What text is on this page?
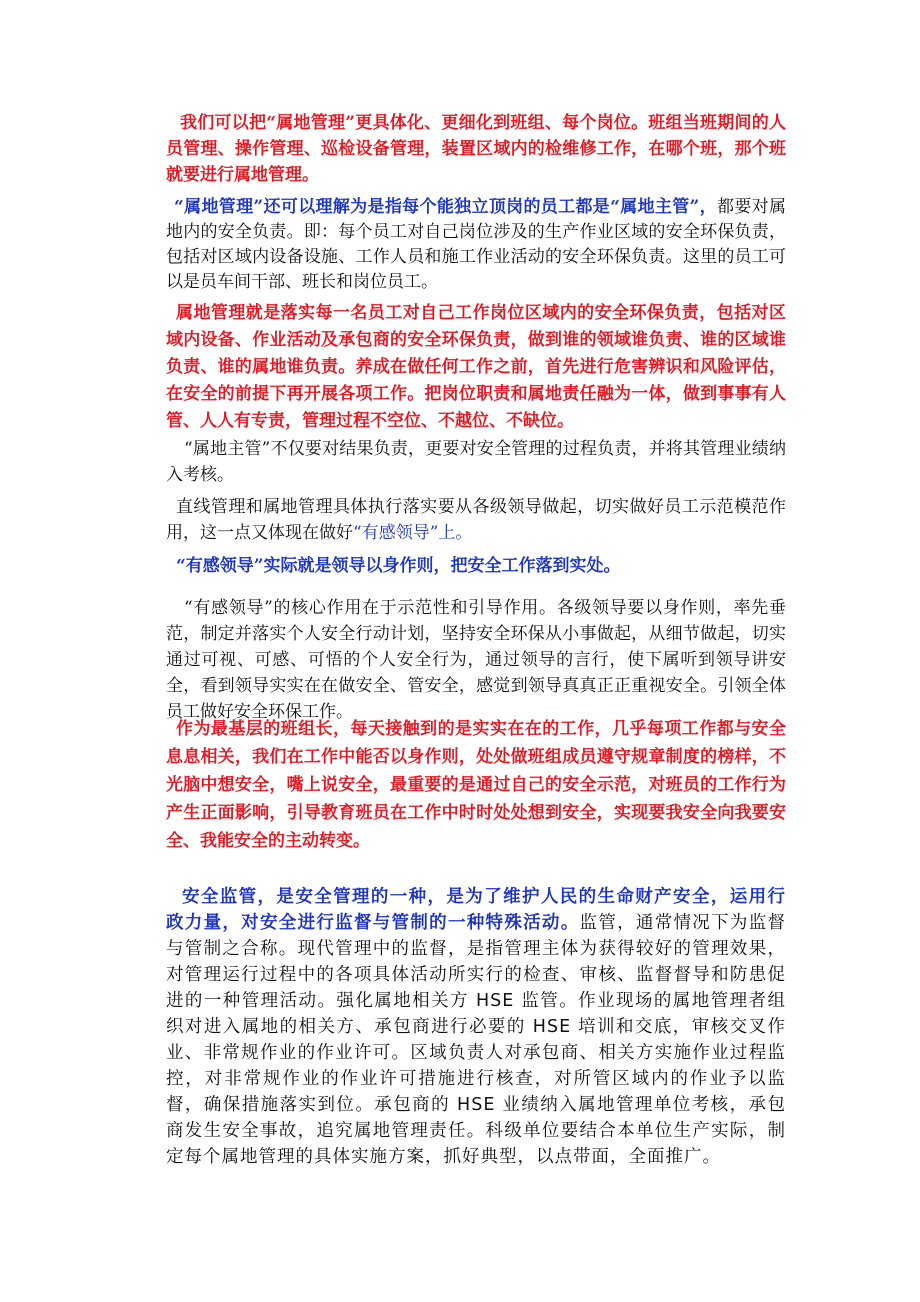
我们可以把“属地管理”更具体化、更细化到班组、每个岗位。班组当班期间的人员管理、操作管理、巡检设备管理，装置区域内的检维修工作，在哪个班，那个班就要进行属地管理。

“属地管理”还可以理解为是指每个能独立顶岗的员工都是“属地主管”，都要对属地内的安全负责。即：每个员工对自己岗位涉及的生产作业区域的安全环保负责，包括对区域内设备设施、工作人员和施工作业活动的安全环保负责。这里的员工可以是员车间干部、班长和岗位员工。

属地管理就是落实每一名员工对自己工作岗位区域内的安全环保负责，包括对区域内设备、作业活动及承包商的安全环保负责，做到谁的领域谁负责、谁的区域谁负责、谁的属地谁负责。养成在做任何工作之前，首先进行危害辨识和风险评估，在安全的前提下再开展各项工作。把岗位职责和属地责任融为一体，做到事事有人管、人人有专责，管理过程不空位、不越位、不缺位。

“属地主管”不仅要对结果负责，更要对安全管理的过程负责，并将其管理业绩纳入考核。

直线管理和属地管理具体执行落实要从各级领导做起，切实做好员工示范模范作用，这一点又体现在做好“有感领导”上。

“有感领导”实际就是领导以身作则，把安全工作落到实处。

“有感领导”的核心作用在于示范性和引导作用。各级领导要以身作则，率先垂范，制定并落实个人安全行动计划，坚持安全环保从小事做起，从细节做起，切实通过可视、可感、可悟的个人安全行为，通过领导的言行，使下属听到领导讲安全，看到领导实实在在做安全、管安全，感觉到领导真真正正重视安全。引领全体员工做好安全环保工作。

作为最基层的班组长，每天接触到的是实实在在的工作，几乎每项工作都与安全息息相关，我们在工作中能否以身作则，处处做班组成员遵守规章制度的榜样，不光脑中想安全，嘴上说安全，最重要的是通过自己的安全示范，对班员的工作行为产生正面影响，引导教育班员在工作中时时处处想到安全，实现要我安全向我要安全、我能安全的主动转变。

安全监管，是安全管理的一种，是为了维护人民的生命财产安全，运用行政力量，对安全进行监督与管制的一种特殊活动。监管，通常情况下为监督与管制之合称。现代管理中的监督，是指管理主体为获得较好的管理效果，对管理运行过程中的各项具体活动所实行的检查、审核、监督督导和防患促进的一种管理活动。强化属地相关方 HSE 监管。作业现场的属地管理者组织对进入属地的相关方、承包商进行必要的 HSE 培训和交底，审核交叉作业、非常规作业的作业许可。区域负责人对承包商、相关方实施作业过程监控，对非常规作业的作业许可措施进行核查，对所管区域内的作业予以监督，确保措施落实到位。承包商的 HSE 业绩纳入属地管理单位考核，承包商发生安全事故，追究属地管理责任。科级单位要结合本单位生产实际，制定每个属地管理的具体实施方案，抓好典型，以点带面，全面推广。
